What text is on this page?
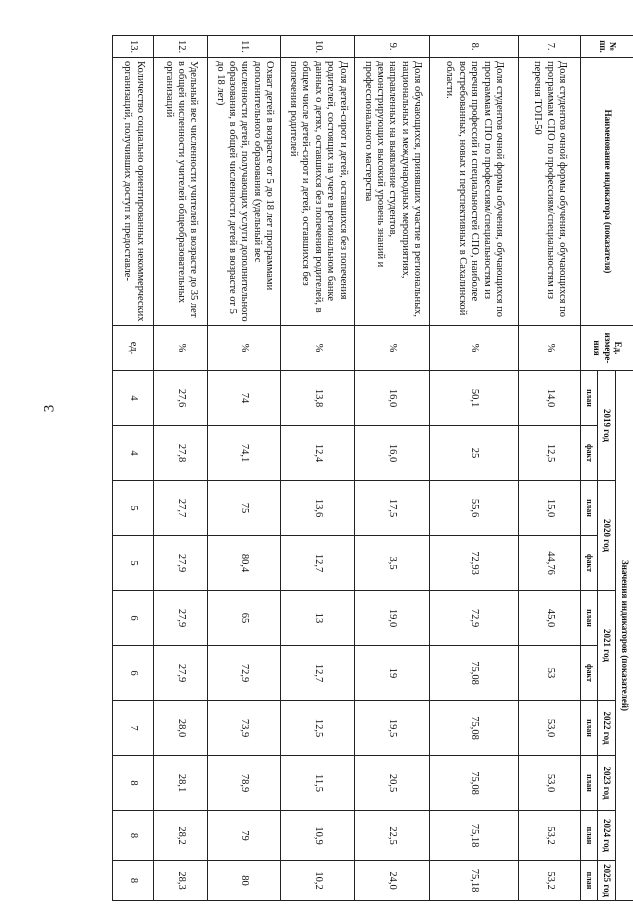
3
№ пп.	Наименование индикатора (показателя)	Ед. измере-ния	Значения индикаторов (показателей)									
			2019 год		2020 год		2021 год		2022 год	2023 год	2024 год	2025 год
			план	факт	план	факт	план	факт	план	план	план	план
7.	Доля студентов очной формы обучения, обучающихся по программам СПО по профессиям/специальностям из перечня ТОП-50	%	14,0	12,5	15,0	44,76	45,0	53	53,0	53,0	53,2	53,2
8.	Доля студентов очной формы обучения, обучающихся по программам СПО по профессиям/специальностям из перечня профессий и специальностей СПО, наиболее востребованных, новых и перспективных в Сахалинской области.	%	50,1	25	55,6	72,93	72,9	75,08	75,08	75,08	75,18	75,18
9.	Доля обучающихся, принявших участие в региональных, национальных и международных мероприятиях, направленных на выявление студентов, демонстрирующих высокий уровень знаний и профессионального мастерства	%	16,0	16,0	17,5	3,5	19,0	19	19,5	20,5	22,5	24,0
10.	Доля детей-сирот и детей, оставшихся без попечения родителей, состоящих на учете в региональном банке данных о детях, оставшихся без попечения родителей, в общем числе детей-сирот и детей, оставшихся без попечения родителей	%	13,8	12,4	13,6	12,7	13	12,7	12,5	11,5	10,9	10,2
11.	Охват детей в возрасте от 5 до 18 лет программами дополнительного образования (удельный вес численности детей, получающих услуги дополнительного образования, в общей численности детей в возрасте от 5 до 18 лет)	%	74	74,1	75	80,4	65	72,9	73,9	78,9	79	80
12.	Удельный вес численности учителей в возрасте до 35 лет в общей численности учителей общеобразовательных организаций	%	27,6	27,8	27,7	27,9	27,9	27,9	28,0	28,1	28,2	28,3
13.	Количество социально ориентированных некоммерческих организаций, получивших доступ к предоставле-	ед.	4	4	5	5	6	6	7	8	8	8
